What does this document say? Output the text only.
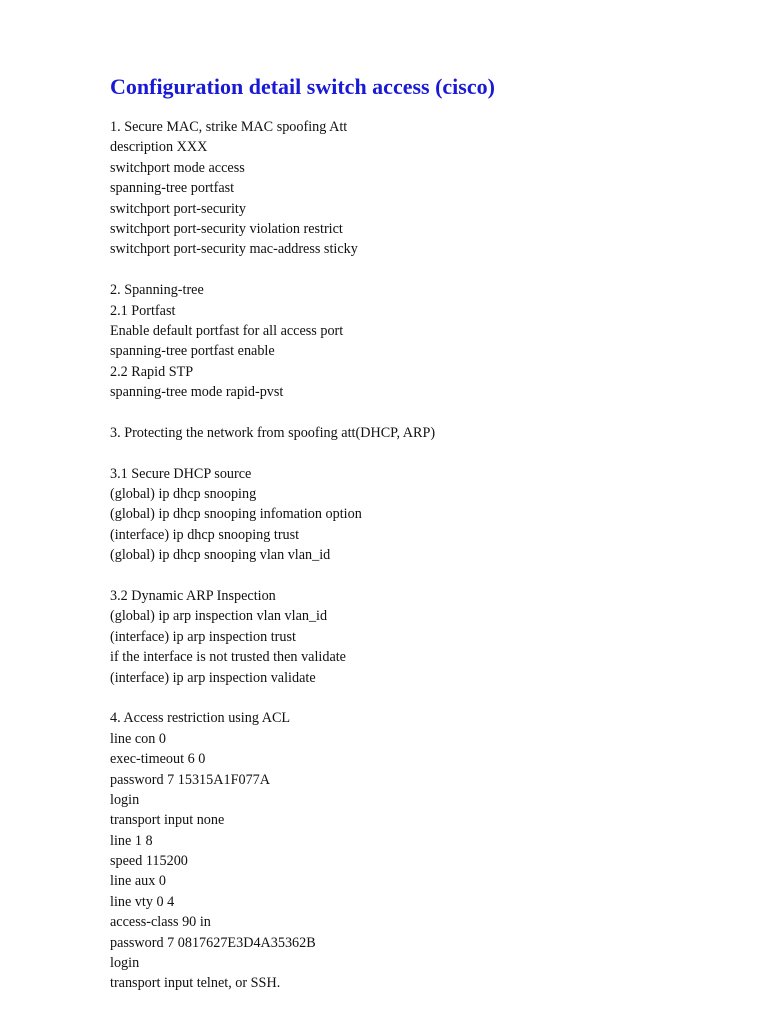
Configuration detail switch access (cisco)
1. Secure MAC, strike MAC spoofing Att
description XXX
switchport mode access
spanning-tree portfast
switchport port-security
switchport port-security violation restrict
switchport port-security mac-address sticky
2. Spanning-tree
2.1 Portfast
Enable default portfast for all access port
spanning-tree portfast enable
2.2 Rapid STP
spanning-tree mode rapid-pvst
3. Protecting the network from spoofing att(DHCP, ARP)
3.1 Secure DHCP source
(global) ip dhcp snooping
(global) ip dhcp snooping infomation option
(interface) ip dhcp snooping trust
(global) ip dhcp snooping vlan vlan_id
3.2 Dynamic ARP Inspection
(global) ip arp inspection vlan vlan_id
(interface) ip arp inspection trust
if the interface is not trusted then validate
(interface) ip arp inspection validate
4. Access restriction using ACL
line con 0
exec-timeout 6 0
password 7 15315A1F077A
login
transport input none
line 1 8
speed 115200
line aux 0
line vty 0 4
access-class 90 in
password 7 0817627E3D4A35362B
login
transport input telnet, or SSH.
